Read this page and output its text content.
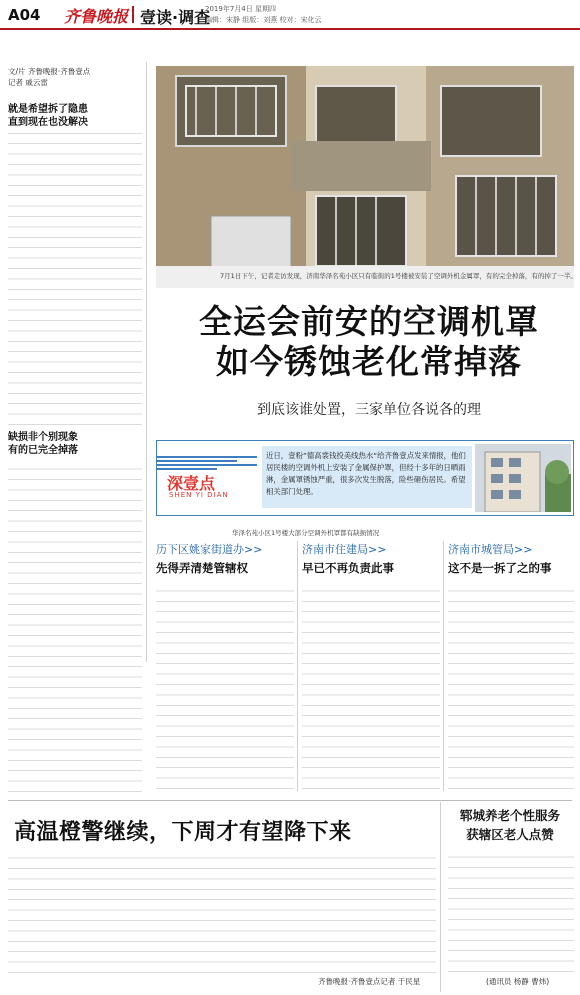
A04 齐鲁晚报 壹读·调查
2019年7月4日 星期四
编辑：宋静 组版：刘燕 校对：宋化云
文/片 齐鲁晚报·齐鲁壹点
记者 戚云雷
就是希望拆了隐患
直到现在也没解决
缺损非个别现象
有的已完全掉落
7月1日下午，记者走访发现，济南华泽名苑小区只有临街的1号楼被安装了空调外机金属罩，有的完全掉落，有的掉了一半。
全运会前安的空调机罩
如今锈蚀老化常掉落
到底该谁处置，三家单位各说各的理
深壹点
SHEN YI DIAN
近日，壹粉”德高裳钱投美线热水“给齐鲁壹点发来情报，他们居民楼的空调外机上安装了金属保护罩，但经十多年的日晒雨淋，金属罩锈蚀严重，很多次发生脱落，险些砸伤居民。希望相关部门处理。
华泽名苑小区1号楼大部分空调外机罩都有缺损情况
历下区姚家街道办>>
先得弄清楚管辖权
济南市住建局>>
早已不再负责此事
济南市城管局>>
这不是一拆了之的事
高温橙警继续，下周才有望降下来
齐鲁晚报·齐鲁壹点记者 于民星
郓城养老个性服务
获辖区老人点赞
(通讯员 杨静 曹炜)
